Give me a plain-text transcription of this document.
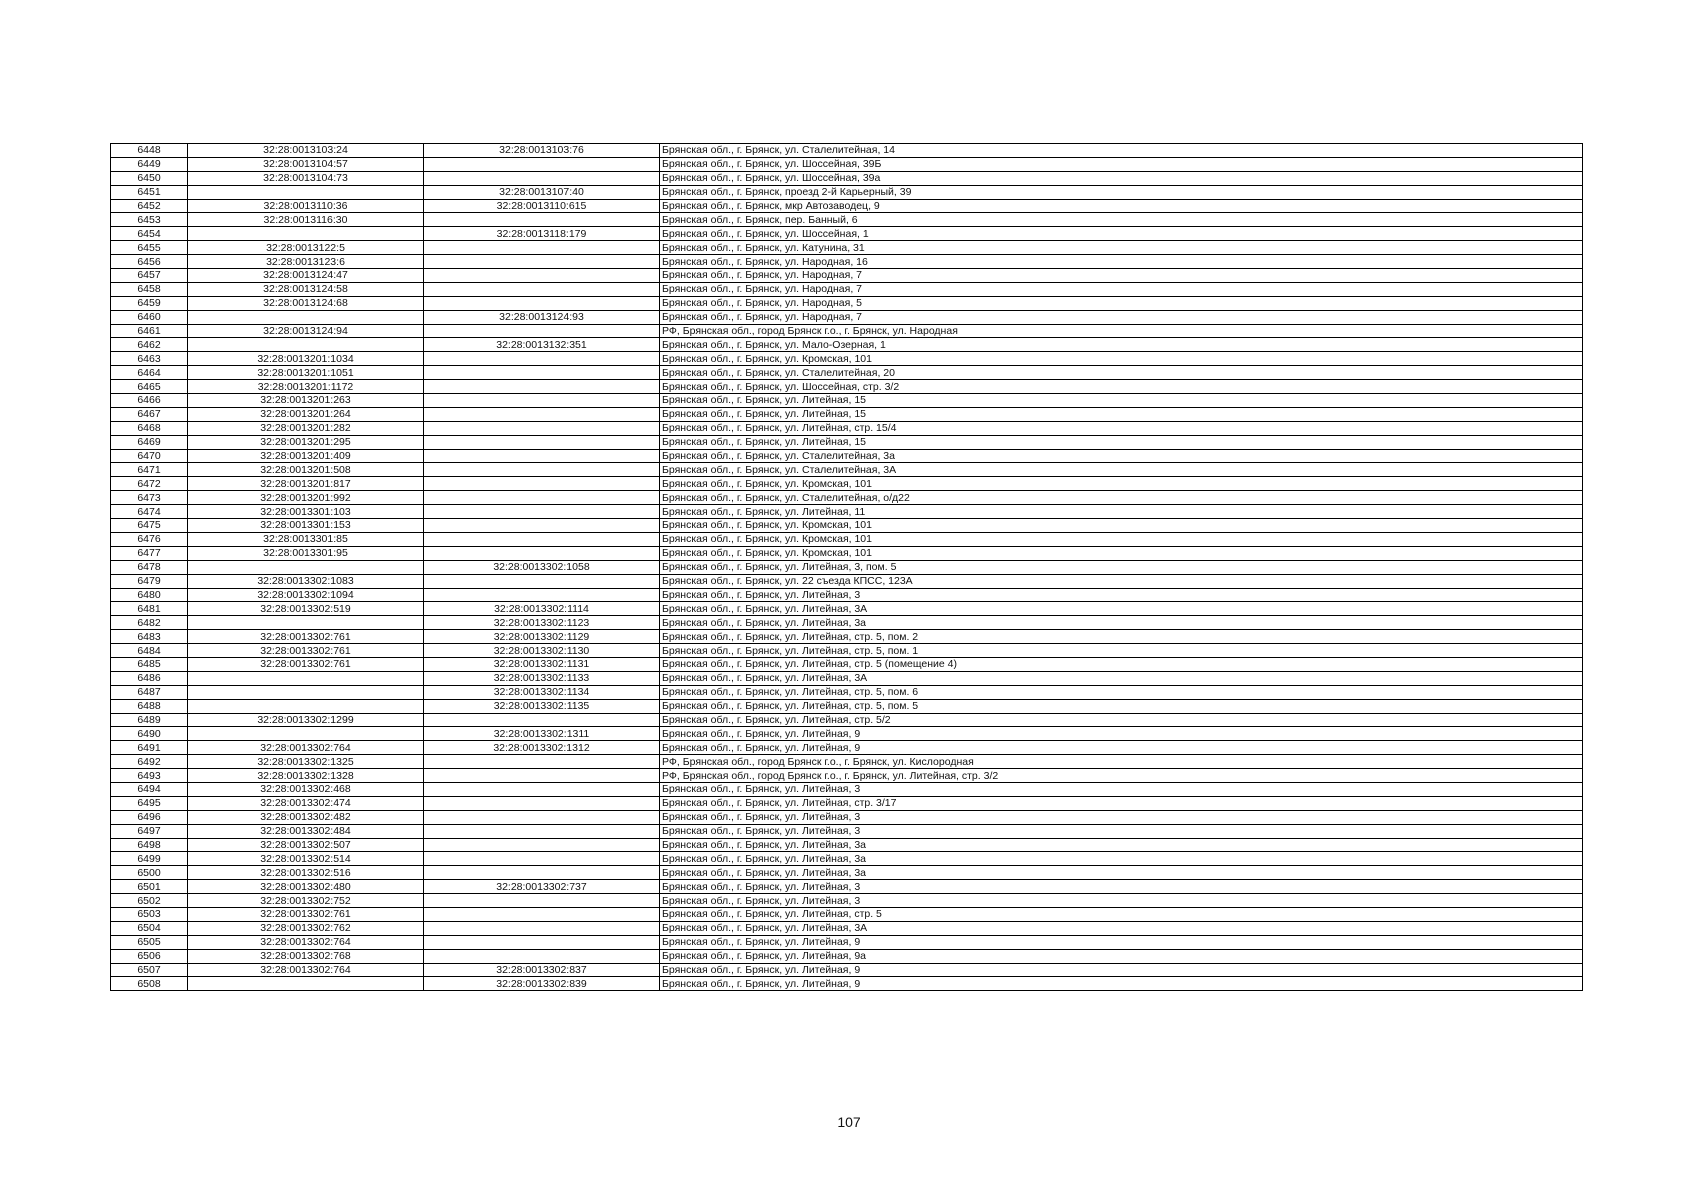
6448	32:28:0013103:24	32:28:0013103:76	Брянская обл., г. Брянск, ул. Сталелитейная, 14
6449	32:28:0013104:57		Брянская обл., г. Брянск, ул. Шоссейная, 39Б
6450	32:28:0013104:73		Брянская обл., г. Брянск, ул. Шоссейная, 39а
6451		32:28:0013107:40	Брянская обл., г. Брянск, проезд 2-й Карьерный, 39
6452	32:28:0013110:36	32:28:0013110:615	Брянская обл., г. Брянск, мкр Автозаводец, 9
6453	32:28:0013116:30		Брянская обл., г. Брянск, пер. Банный, 6
6454		32:28:0013118:179	Брянская обл., г. Брянск, ул. Шоссейная, 1
6455	32:28:0013122:5		Брянская обл., г. Брянск, ул. Катунина, 31
6456	32:28:0013123:6		Брянская обл., г. Брянск, ул. Народная, 16
6457	32:28:0013124:47		Брянская обл., г. Брянск, ул. Народная, 7
6458	32:28:0013124:58		Брянская обл., г. Брянск, ул. Народная, 7
6459	32:28:0013124:68		Брянская обл., г. Брянск, ул. Народная, 5
6460		32:28:0013124:93	Брянская обл., г. Брянск, ул. Народная, 7
6461	32:28:0013124:94		РФ, Брянская обл., город Брянск г.о., г. Брянск, ул. Народная
6462		32:28:0013132:351	Брянская обл., г. Брянск, ул. Мало-Озерная, 1
6463	32:28:0013201:1034		Брянская обл., г. Брянск, ул. Кромская, 101
6464	32:28:0013201:1051		Брянская обл., г. Брянск, ул. Сталелитейная, 20
6465	32:28:0013201:1172		Брянская обл., г. Брянск, ул. Шоссейная, стр. 3/2
6466	32:28:0013201:263		Брянская обл., г. Брянск, ул. Литейная, 15
6467	32:28:0013201:264		Брянская обл., г. Брянск, ул. Литейная, 15
6468	32:28:0013201:282		Брянская обл., г. Брянск, ул. Литейная, стр. 15/4
6469	32:28:0013201:295		Брянская обл., г. Брянск, ул. Литейная, 15
6470	32:28:0013201:409		Брянская обл., г. Брянск, ул. Сталелитейная, 3а
6471	32:28:0013201:508		Брянская обл., г. Брянск, ул. Сталелитейная, 3А
6472	32:28:0013201:817		Брянская обл., г. Брянск, ул. Кромская, 101
6473	32:28:0013201:992		Брянская обл., г. Брянск, ул. Сталелитейная, о/д22
6474	32:28:0013301:103		Брянская обл., г. Брянск, ул. Литейная, 11
6475	32:28:0013301:153		Брянская обл., г. Брянск, ул. Кромская, 101
6476	32:28:0013301:85		Брянская обл., г. Брянск, ул. Кромская, 101
6477	32:28:0013301:95		Брянская обл., г. Брянск, ул. Кромская, 101
6478		32:28:0013302:1058	Брянская обл., г. Брянск, ул. Литейная, 3, пом. 5
6479	32:28:0013302:1083		Брянская обл., г. Брянск, ул. 22 съезда КПСС, 123А
6480	32:28:0013302:1094		Брянская обл., г. Брянск, ул. Литейная, 3
6481	32:28:0013302:519	32:28:0013302:1114	Брянская обл., г. Брянск, ул. Литейная, 3А
6482		32:28:0013302:1123	Брянская обл., г. Брянск, ул. Литейная, 3а
6483	32:28:0013302:761	32:28:0013302:1129	Брянская обл., г. Брянск, ул. Литейная, стр. 5, пом. 2
6484	32:28:0013302:761	32:28:0013302:1130	Брянская обл., г. Брянск, ул. Литейная, стр. 5, пом. 1
6485	32:28:0013302:761	32:28:0013302:1131	Брянская обл., г. Брянск, ул. Литейная, стр. 5 (помещение 4)
6486		32:28:0013302:1133	Брянская обл., г. Брянск, ул. Литейная, 3А
6487		32:28:0013302:1134	Брянская обл., г. Брянск, ул. Литейная, стр. 5, пом. 6
6488		32:28:0013302:1135	Брянская обл., г. Брянск, ул. Литейная, стр. 5, пом. 5
6489	32:28:0013302:1299		Брянская обл., г. Брянск, ул. Литейная, стр. 5/2
6490		32:28:0013302:1311	Брянская обл., г. Брянск, ул. Литейная, 9
6491	32:28:0013302:764	32:28:0013302:1312	Брянская обл., г. Брянск, ул. Литейная, 9
6492	32:28:0013302:1325		РФ, Брянская обл., город Брянск г.о., г. Брянск, ул. Кислородная
6493	32:28:0013302:1328		РФ, Брянская обл., город Брянск г.о., г. Брянск, ул. Литейная, стр. 3/2
6494	32:28:0013302:468		Брянская обл., г. Брянск, ул. Литейная, 3
6495	32:28:0013302:474		Брянская обл., г. Брянск, ул. Литейная, стр. 3/17
6496	32:28:0013302:482		Брянская обл., г. Брянск, ул. Литейная, 3
6497	32:28:0013302:484		Брянская обл., г. Брянск, ул. Литейная, 3
6498	32:28:0013302:507		Брянская обл., г. Брянск, ул. Литейная, 3а
6499	32:28:0013302:514		Брянская обл., г. Брянск, ул. Литейная, 3а
6500	32:28:0013302:516		Брянская обл., г. Брянск, ул. Литейная, 3а
6501	32:28:0013302:480	32:28:0013302:737	Брянская обл., г. Брянск, ул. Литейная, 3
6502	32:28:0013302:752		Брянская обл., г. Брянск, ул. Литейная, 3
6503	32:28:0013302:761		Брянская обл., г. Брянск, ул. Литейная, стр. 5
6504	32:28:0013302:762		Брянская обл., г. Брянск, ул. Литейная, 3А
6505	32:28:0013302:764		Брянская обл., г. Брянск, ул. Литейная, 9
6506	32:28:0013302:768		Брянская обл., г. Брянск, ул. Литейная, 9а
6507	32:28:0013302:764	32:28:0013302:837	Брянская обл., г. Брянск, ул. Литейная, 9
6508		32:28:0013302:839	Брянская обл., г. Брянск, ул. Литейная, 9
107
